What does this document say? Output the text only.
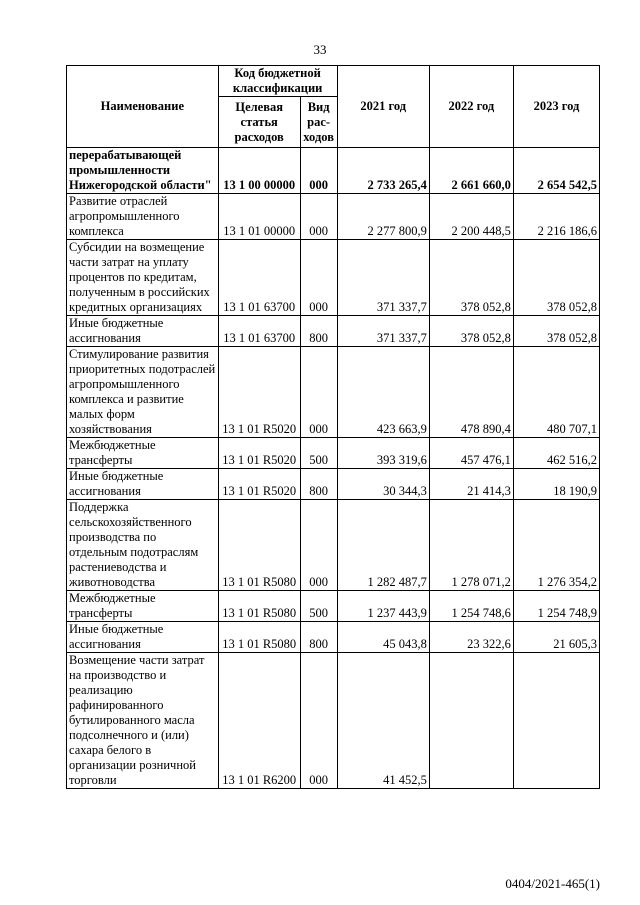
33
Наименование	Код бюджетной классификации		2021 год	2022 год	2023 год
	Целевая статья расходов	Вид рас-ходов			
перерабатывающей промышленности Нижегородской области"	13 1 00 00000	000	2 733 265,4	2 661 660,0	2 654 542,5
Развитие отраслей агропромышленного комплекса	13 1 01 00000	000	2 277 800,9	2 200 448,5	2 216 186,6
Субсидии на возмещение части затрат на уплату процентов по кредитам, полученным в российских кредитных организациях	13 1 01 63700	000	371 337,7	378 052,8	378 052,8
Иные бюджетные ассигнования	13 1 01 63700	800	371 337,7	378 052,8	378 052,8
Стимулирование развития приоритетных подотраслей агропромышленного комплекса и развитие малых форм хозяйствования	13 1 01 R5020	000	423 663,9	478 890,4	480 707,1
Межбюджетные трансферты	13 1 01 R5020	500	393 319,6	457 476,1	462 516,2
Иные бюджетные ассигнования	13 1 01 R5020	800	30 344,3	21 414,3	18 190,9
Поддержка сельскохозяйственного производства по отдельным подотраслям растениеводства и животноводства	13 1 01 R5080	000	1 282 487,7	1 278 071,2	1 276 354,2
Межбюджетные трансферты	13 1 01 R5080	500	1 237 443,9	1 254 748,6	1 254 748,9
Иные бюджетные ассигнования	13 1 01 R5080	800	45 043,8	23 322,6	21 605,3
Возмещение части затрат на производство и реализацию рафинированного бутилированного масла подсолнечного и (или) сахара белого в организации розничной торговли	13 1 01 R6200	000	41 452,5		
0404/2021-465(1)
